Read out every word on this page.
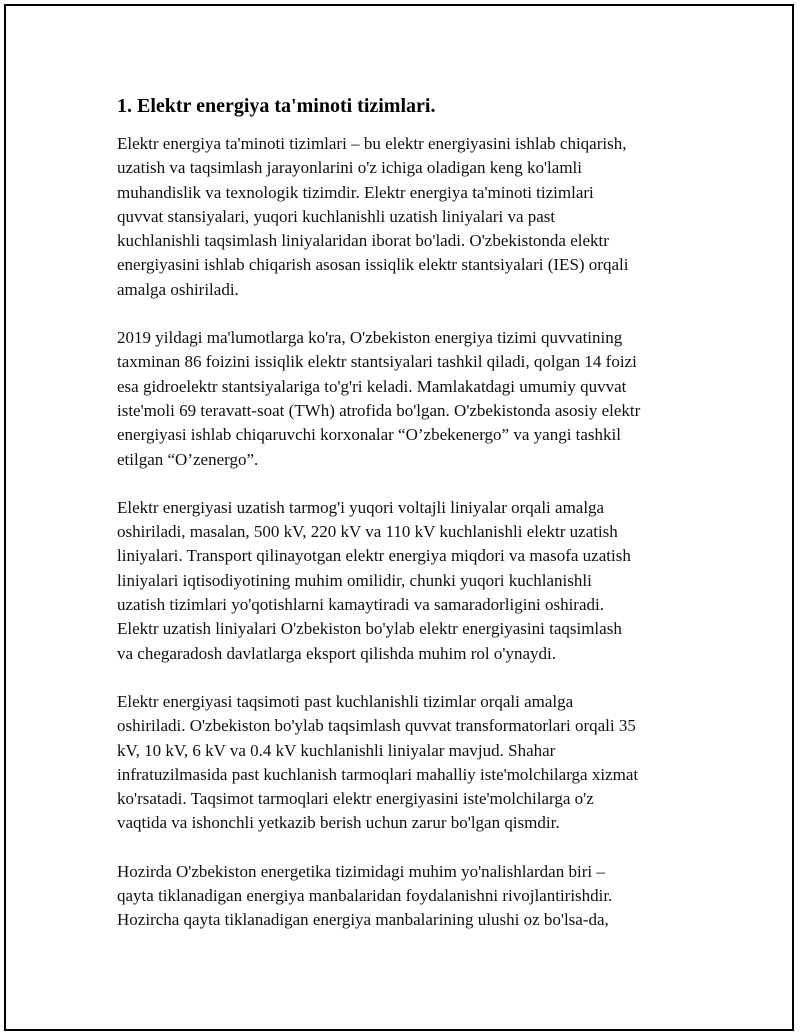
1. Elektr energiya ta'minoti tizimlari.

Elektr energiya ta'minoti tizimlari – bu elektr energiyasini ishlab chiqarish,
uzatish va taqsimlash jarayonlarini o'z ichiga oladigan keng ko'lamli
muhandislik va texnologik tizimdir. Elektr energiya ta'minoti tizimlari
quvvat stansiyalari, yuqori kuchlanishli uzatish liniyalari va past
kuchlanishli taqsimlash liniyalaridan iborat bo'ladi. O'zbekistonda elektr
energiyasini ishlab chiqarish asosan issiqlik elektr stantsiyalari (IES) orqali
amalga oshiriladi.

2019 yildagi ma'lumotlarga ko'ra, O'zbekiston energiya tizimi quvvatining
taxminan 86 foizini issiqlik elektr stantsiyalari tashkil qiladi, qolgan 14 foizi
esa gidroelektr stantsiyalariga to'g'ri keladi. Mamlakatdagi umumiy quvvat
iste'moli 69 teravatt-soat (TWh) atrofida bo'lgan. O'zbekistonda asosiy elektr
energiyasi ishlab chiqaruvchi korxonalar “O’zbekenergo” va yangi tashkil
etilgan “O’zenergo”.

Elektr energiyasi uzatish tarmog'i yuqori voltajli liniyalar orqali amalga
oshiriladi, masalan, 500 kV, 220 kV va 110 kV kuchlanishli elektr uzatish
liniyalari. Transport qilinayotgan elektr energiya miqdori va masofa uzatish
liniyalari iqtisodiyotining muhim omilidir, chunki yuqori kuchlanishli
uzatish tizimlari yo'qotishlarni kamaytiradi va samaradorligini oshiradi.
Elektr uzatish liniyalari O'zbekiston bo'ylab elektr energiyasini taqsimlash
va chegaradosh davlatlarga eksport qilishda muhim rol o'ynaydi.

Elektr energiyasi taqsimoti past kuchlanishli tizimlar orqali amalga
oshiriladi. O'zbekiston bo'ylab taqsimlash quvvat transformatorlari orqali 35
kV, 10 kV, 6 kV va 0.4 kV kuchlanishli liniyalar mavjud. Shahar
infratuzilmasida past kuchlanish tarmoqlari mahalliy iste'molchilarga xizmat
ko'rsatadi. Taqsimot tarmoqlari elektr energiyasini iste'molchilarga o'z
vaqtida va ishonchli yetkazib berish uchun zarur bo'lgan qismdir.

Hozirda O'zbekiston energetika tizimidagi muhim yo'nalishlardan biri –
qayta tiklanadigan energiya manbalaridan foydalanishni rivojlantirishdir.
Hozircha qayta tiklanadigan energiya manbalarining ulushi oz bo'lsa-da,
